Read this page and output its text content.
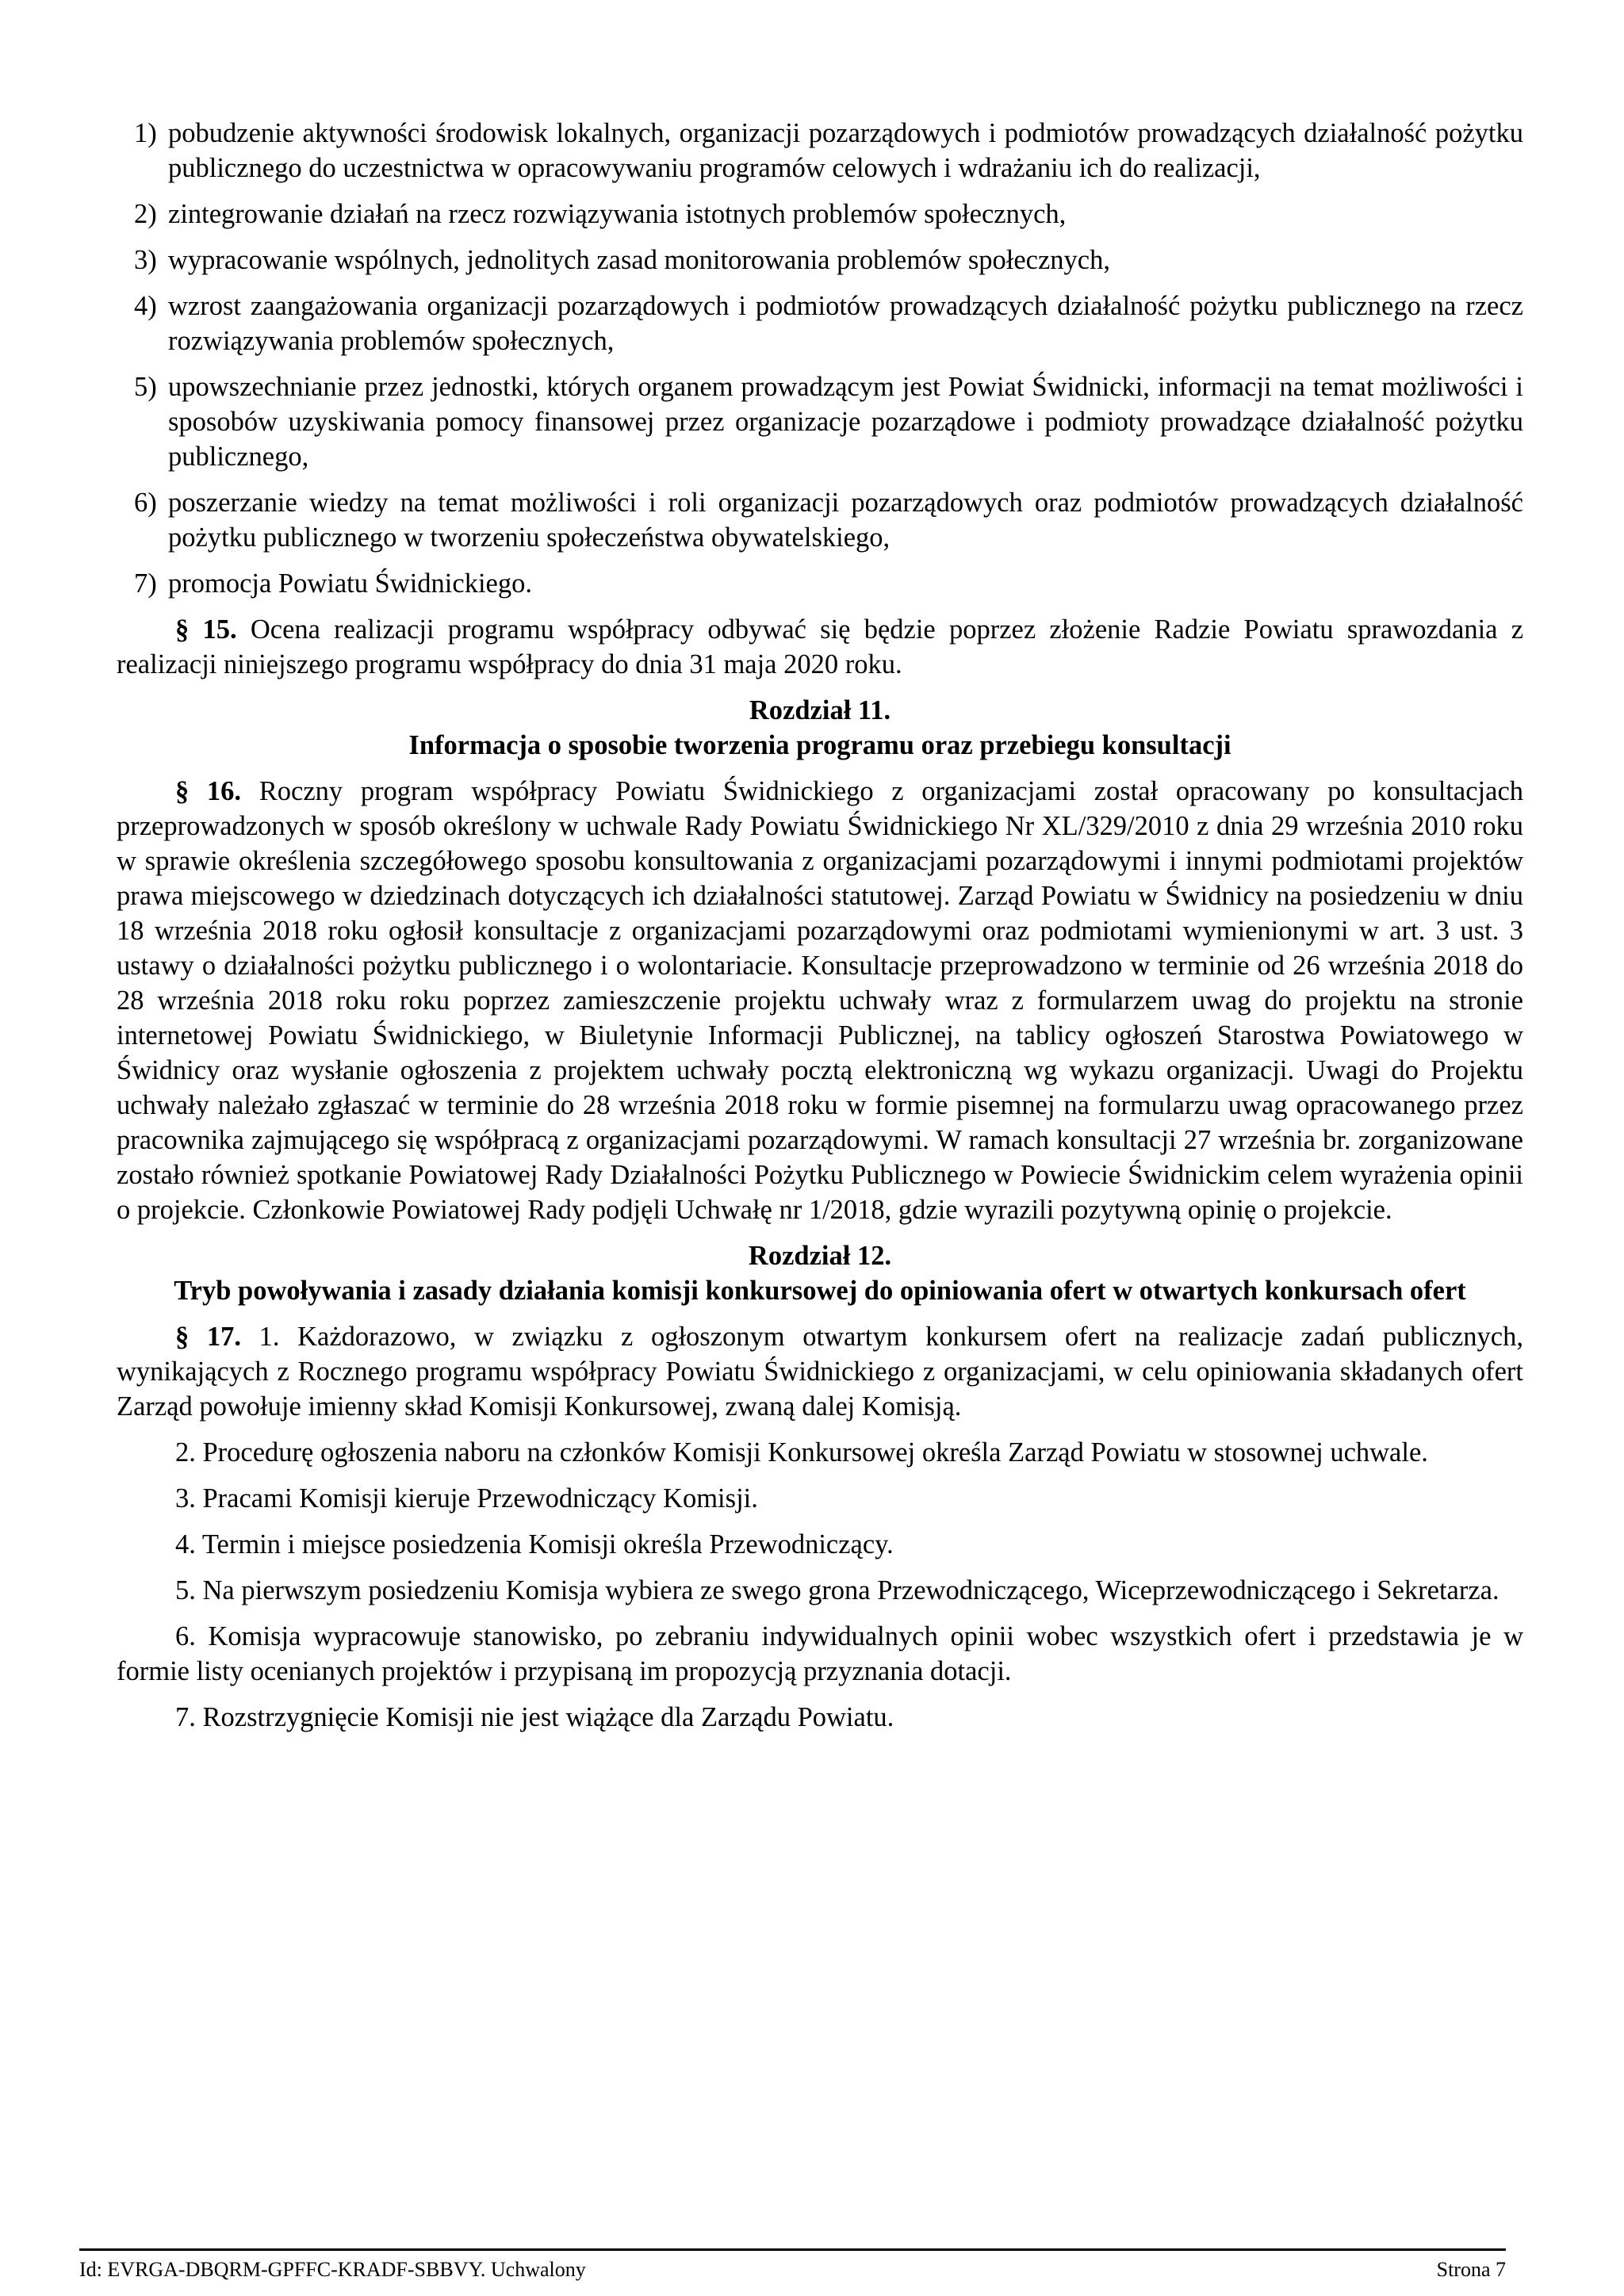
1) pobudzenie aktywności środowisk lokalnych, organizacji pozarządowych i podmiotów prowadzących działalność pożytku publicznego do uczestnictwa w opracowywaniu programów celowych i wdrażaniu ich do realizacji,
2) zintegrowanie działań na rzecz rozwiązywania istotnych problemów społecznych,
3) wypracowanie wspólnych, jednolitych zasad monitorowania problemów społecznych,
4) wzrost zaangażowania organizacji pozarządowych i podmiotów prowadzących działalność pożytku publicznego na rzecz rozwiązywania problemów społecznych,
5) upowszechnianie przez jednostki, których organem prowadzącym jest Powiat Świdnicki, informacji na temat możliwości i sposobów uzyskiwania pomocy finansowej przez organizacje pozarządowe i podmioty prowadzące działalność pożytku publicznego,
6) poszerzanie wiedzy na temat możliwości i roli organizacji pozarządowych oraz podmiotów prowadzących działalność pożytku publicznego w tworzeniu społeczeństwa obywatelskiego,
7) promocja Powiatu Świdnickiego.

§ 15. Ocena realizacji programu współpracy odbywać się będzie poprzez złożenie Radzie Powiatu sprawozdania z realizacji niniejszego programu współpracy do dnia 31 maja 2020 roku.

Rozdział 11.
Informacja o sposobie tworzenia programu oraz przebiegu konsultacji

§ 16. Roczny program współpracy Powiatu Świdnickiego z organizacjami został opracowany po konsultacjach przeprowadzonych w sposób określony w uchwale Rady Powiatu Świdnickiego Nr XL/329/2010 z dnia 29 września 2010 roku w sprawie określenia szczegółowego sposobu konsultowania z organizacjami pozarządowymi i innymi podmiotami projektów prawa miejscowego w dziedzinach dotyczących ich działalności statutowej. Zarząd Powiatu w Świdnicy na posiedzeniu w dniu 18 września 2018 roku ogłosił konsultacje z organizacjami pozarządowymi oraz podmiotami wymienionymi w art. 3 ust. 3 ustawy o działalności pożytku publicznego i o wolontariacie. Konsultacje przeprowadzono w terminie od 26 września 2018 do 28 września 2018 roku roku poprzez zamieszczenie projektu uchwały wraz z formularzem uwag do projektu na stronie internetowej Powiatu Świdnickiego, w Biuletynie Informacji Publicznej, na tablicy ogłoszeń Starostwa Powiatowego w Świdnicy oraz wysłanie ogłoszenia z projektem uchwały pocztą elektroniczną wg wykazu organizacji. Uwagi do Projektu uchwały należało zgłaszać w terminie do 28 września 2018 roku w formie pisemnej na formularzu uwag opracowanego przez pracownika zajmującego się współpracą z organizacjami pozarządowymi. W ramach konsultacji 27 września br. zorganizowane zostało również spotkanie Powiatowej Rady Działalności Pożytku Publicznego w Powiecie Świdnickim celem wyrażenia opinii o projekcie. Członkowie Powiatowej Rady podjęli Uchwałę nr 1/2018, gdzie wyrazili pozytywną opinię o projekcie.

Rozdział 12.
Tryb powoływania i zasady działania komisji konkursowej do opiniowania ofert w otwartych konkursach ofert

§ 17. 1. Każdorazowo, w związku z ogłoszonym otwartym konkursem ofert na realizacje zadań publicznych, wynikających z Rocznego programu współpracy Powiatu Świdnickiego z organizacjami, w celu opiniowania składanych ofert Zarząd powołuje imienny skład Komisji Konkursowej, zwaną dalej Komisją.

2. Procedurę ogłoszenia naboru na członków Komisji Konkursowej określa Zarząd Powiatu w stosownej uchwale.

3. Pracami Komisji kieruje Przewodniczący Komisji.

4. Termin i miejsce posiedzenia Komisji określa Przewodniczący.

5. Na pierwszym posiedzeniu Komisja wybiera ze swego grona Przewodniczącego, Wiceprzewodniczącego i Sekretarza.

6. Komisja wypracowuje stanowisko, po zebraniu indywidualnych opinii wobec wszystkich ofert i przedstawia je w formie listy ocenianych projektów i przypisaną im propozycją przyznania dotacji.

7. Rozstrzygnięcie Komisji nie jest wiążące dla Zarządu Powiatu.

Id: EVRGA-DBQRM-GPFFC-KRADF-SBBVY. Uchwalony	Strona 7
